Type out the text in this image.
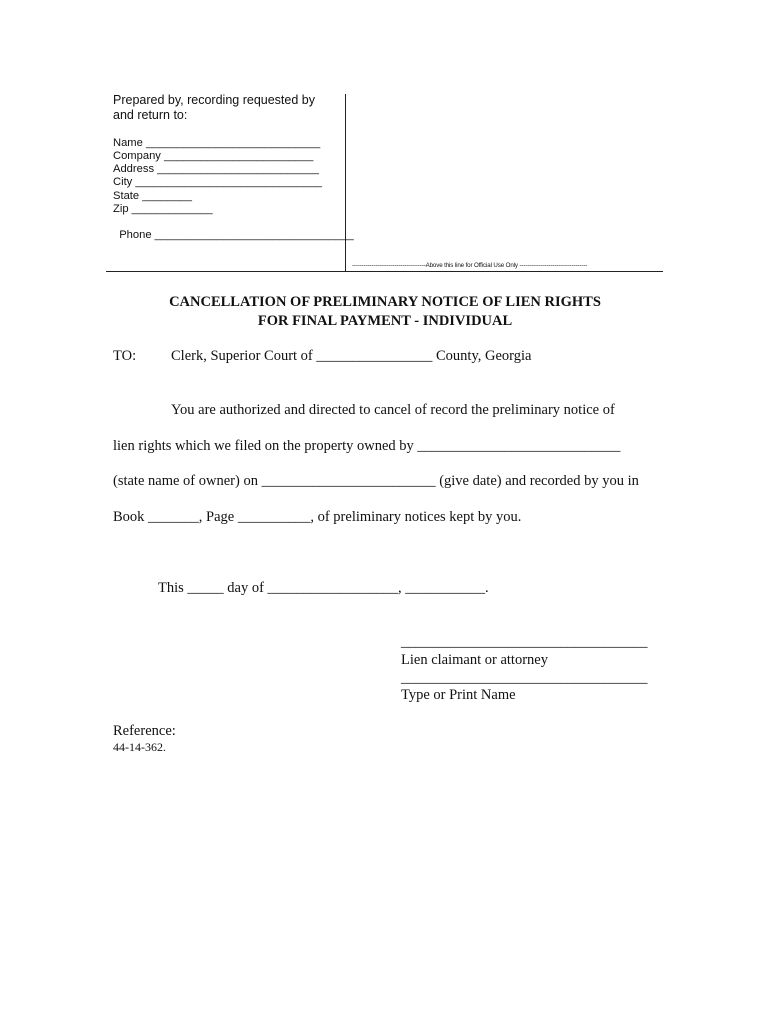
Prepared by, recording requested by
and return to:
Name ____________________________
Company ________________________
Address __________________________
City ______________________________
State ________
Zip _____________

Phone ________________________________

--------------------------------------Above this line for Official Use Only -----------------------------------
CANCELLATION OF PRELIMINARY NOTICE OF LIEN RIGHTS
FOR FINAL PAYMENT - INDIVIDUAL
TO: Clerk, Superior Court of ________________ County, Georgia
You are authorized and directed to cancel of record the preliminary notice of
lien rights which we filed on the property owned by ____________________________
(state name of owner) on ________________________ (give date) and recorded by you in
Book _______, Page __________, of preliminary notices kept by you.
This _____ day of __________________, ___________.
__________________________________
Lien claimant or attorney
__________________________________
Type or Print Name
Reference:
44-14-362.
